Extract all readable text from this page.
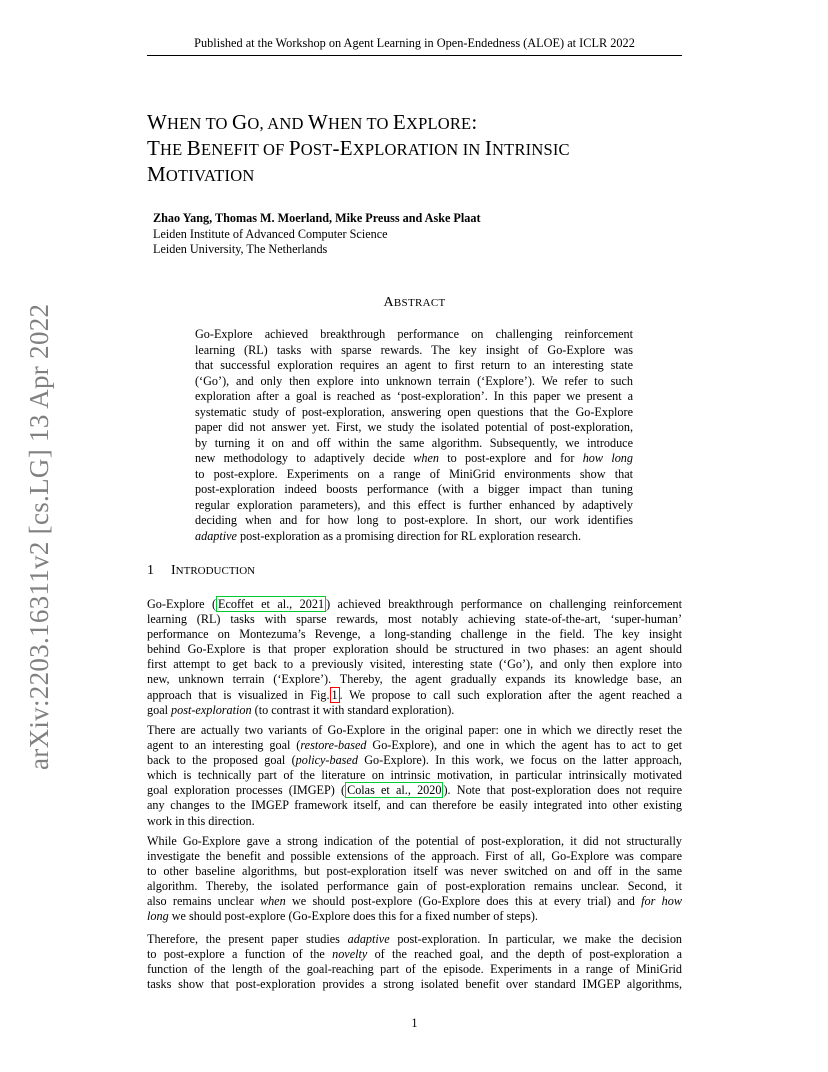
Published at the Workshop on Agent Learning in Open-Endedness (ALOE) at ICLR 2022
arXiv:2203.16311v2 [cs.LG] 13 Apr 2022
WHEN TO GO, AND WHEN TO EXPLORE:
THE BENEFIT OF POST-EXPLORATION IN INTRINSIC
MOTIVATION
Zhao Yang, Thomas M. Moerland, Mike Preuss and Aske Plaat
Leiden Institute of Advanced Computer Science
Leiden University, The Netherlands
ABSTRACT
Go-Explore achieved breakthrough performance on challenging reinforcement
learning (RL) tasks with sparse rewards. The key insight of Go-Explore was
that successful exploration requires an agent to first return to an interesting state
(‘Go’), and only then explore into unknown terrain (‘Explore’). We refer to such
exploration after a goal is reached as ‘post-exploration’. In this paper we present a
systematic study of post-exploration, answering open questions that the Go-Explore
paper did not answer yet. First, we study the isolated potential of post-exploration,
by turning it on and off within the same algorithm. Subsequently, we introduce
new methodology to adaptively decide when to post-explore and for how long
to post-explore. Experiments on a range of MiniGrid environments show that
post-exploration indeed boosts performance (with a bigger impact than tuning
regular exploration parameters), and this effect is further enhanced by adaptively
deciding when and for how long to post-explore. In short, our work identifies
adaptive post-exploration as a promising direction for RL exploration research.
1 INTRODUCTION
Go-Explore ( Ecoffet et al., 2021 ) achieved breakthrough performance on challenging reinforcement
learning (RL) tasks with sparse rewards, most notably achieving state-of-the-art, ‘super-human’
performance on Montezuma’s Revenge, a long-standing challenge in the field. The key insight
behind Go-Explore is that proper exploration should be structured in two phases: an agent should
first attempt to get back to a previously visited, interesting state (‘Go’), and only then explore into
new, unknown terrain (‘Explore’). Thereby, the agent gradually expands its knowledge base, an
approach that is visualized in Fig. 1 . We propose to call such exploration after the agent reached a
goal post-exploration (to contrast it with standard exploration).
There are actually two variants of Go-Explore in the original paper: one in which we directly reset the
agent to an interesting goal (restore-based Go-Explore), and one in which the agent has to act to get
back to the proposed goal (policy-based Go-Explore). In this work, we focus on the latter approach,
which is technically part of the literature on intrinsic motivation, in particular intrinsically motivated
goal exploration processes (IMGEP) ( Colas et al., 2020 ). Note that post-exploration does not require
any changes to the IMGEP framework itself, and can therefore be easily integrated into other existing
work in this direction.
While Go-Explore gave a strong indication of the potential of post-exploration, it did not structurally
investigate the benefit and possible extensions of the approach. First of all, Go-Explore was compare
to other baseline algorithms, but post-exploration itself was never switched on and off in the same
algorithm. Thereby, the isolated performance gain of post-exploration remains unclear. Second, it
also remains unclear when we should post-explore (Go-Explore does this at every trial) and for how
long we should post-explore (Go-Explore does this for a fixed number of steps).
Therefore, the present paper studies adaptive post-exploration. In particular, we make the decision
to post-explore a function of the novelty of the reached goal, and the depth of post-exploration a
function of the length of the goal-reaching part of the episode. Experiments in a range of MiniGrid
tasks show that post-exploration provides a strong isolated benefit over standard IMGEP algorithms,
1
